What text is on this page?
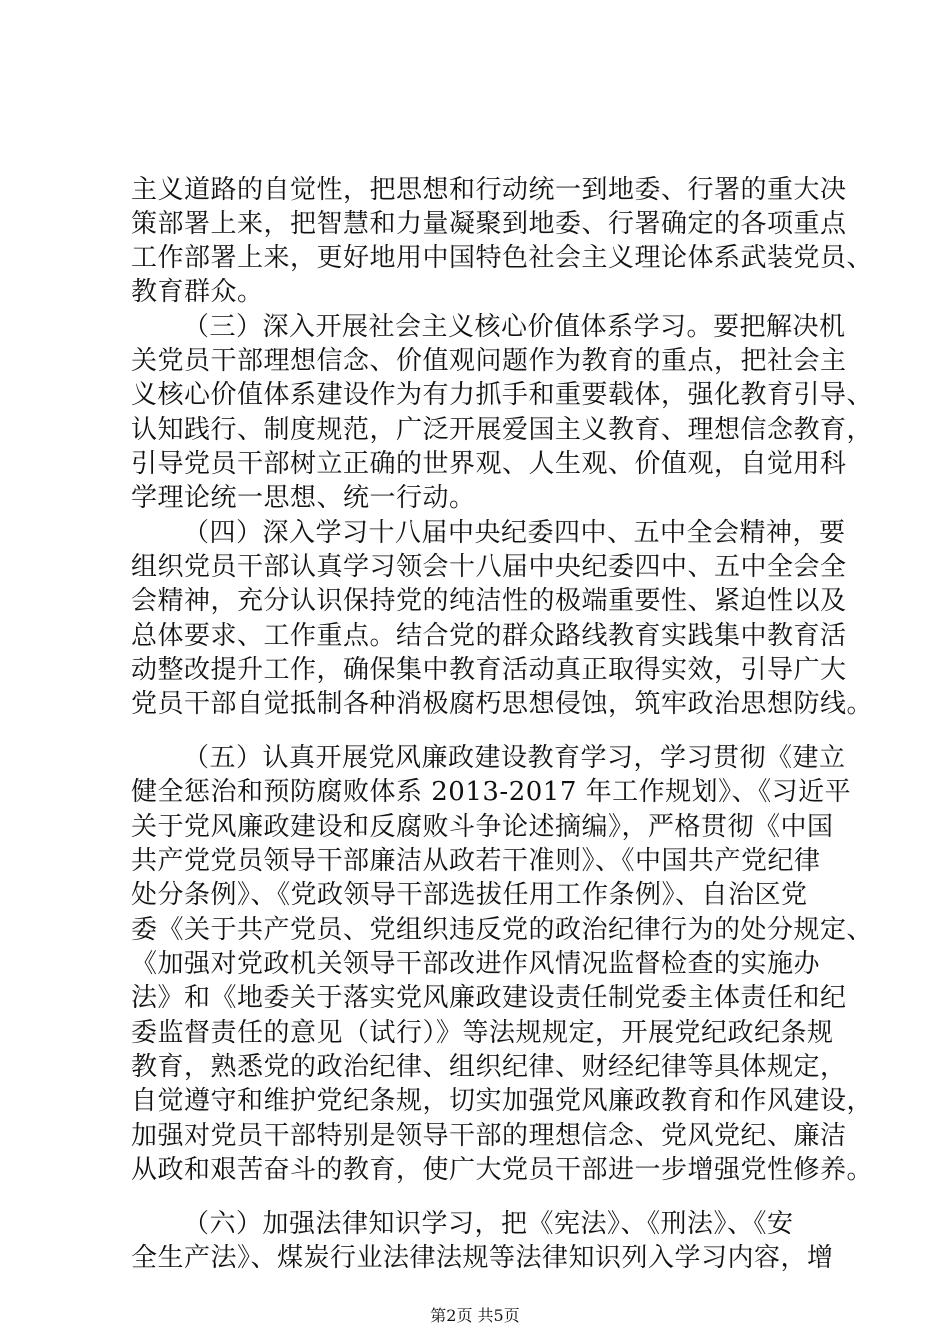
主义道路的自觉性，把思想和行动统一到地委、行署的重大决
策部署上来，把智慧和力量凝聚到地委、行署确定的各项重点
工作部署上来，更好地用中国特色社会主义理论体系武装党员、
教育群众。
（三）深入开展社会主义核心价值体系学习。要把解决机
关党员干部理想信念、价值观问题作为教育的重点，把社会主
义核心价值体系建设作为有力抓手和重要载体，强化教育引导、
认知践行、制度规范，广泛开展爱国主义教育、理想信念教育，
引导党员干部树立正确的世界观、人生观、价值观，自觉用科
学理论统一思想、统一行动。
（四）深入学习十八届中央纪委四中、五中全会精神，要
组织党员干部认真学习领会十八届中央纪委四中、五中全会全
会精神，充分认识保持党的纯洁性的极端重要性、紧迫性以及
总体要求、工作重点。结合党的群众路线教育实践集中教育活
动整改提升工作，确保集中教育活动真正取得实效，引导广大
党员干部自觉抵制各种消极腐朽思想侵蚀，筑牢政治思想防线。
（五）认真开展党风廉政建设教育学习，学习贯彻《建立
健全惩治和预防腐败体系 2013-2017 年工作规划》、《习近平
关于党风廉政建设和反腐败斗争论述摘编》，严格贯彻《中国
共产党党员领导干部廉洁从政若干准则》、《中国共产党纪律
处分条例》、《党政领导干部选拔任用工作条例》、自治区党
委《关于共产党员、党组织违反党的政治纪律行为的处分规定、
《加强对党政机关领导干部改进作风情况监督检查的实施办
法》和《地委关于落实党风廉政建设责任制党委主体责任和纪
委监督责任的意见（试行）》等法规规定，开展党纪政纪条规
教育，熟悉党的政治纪律、组织纪律、财经纪律等具体规定，
自觉遵守和维护党纪条规，切实加强党风廉政教育和作风建设，
加强对党员干部特别是领导干部的理想信念、党风党纪、廉洁
从政和艰苦奋斗的教育，使广大党员干部进一步增强党性修养。
（六）加强法律知识学习，把《宪法》、《刑法》、《安
全生产法》、煤炭行业法律法规等法律知识列入学习内容，增
第2页 共5页
